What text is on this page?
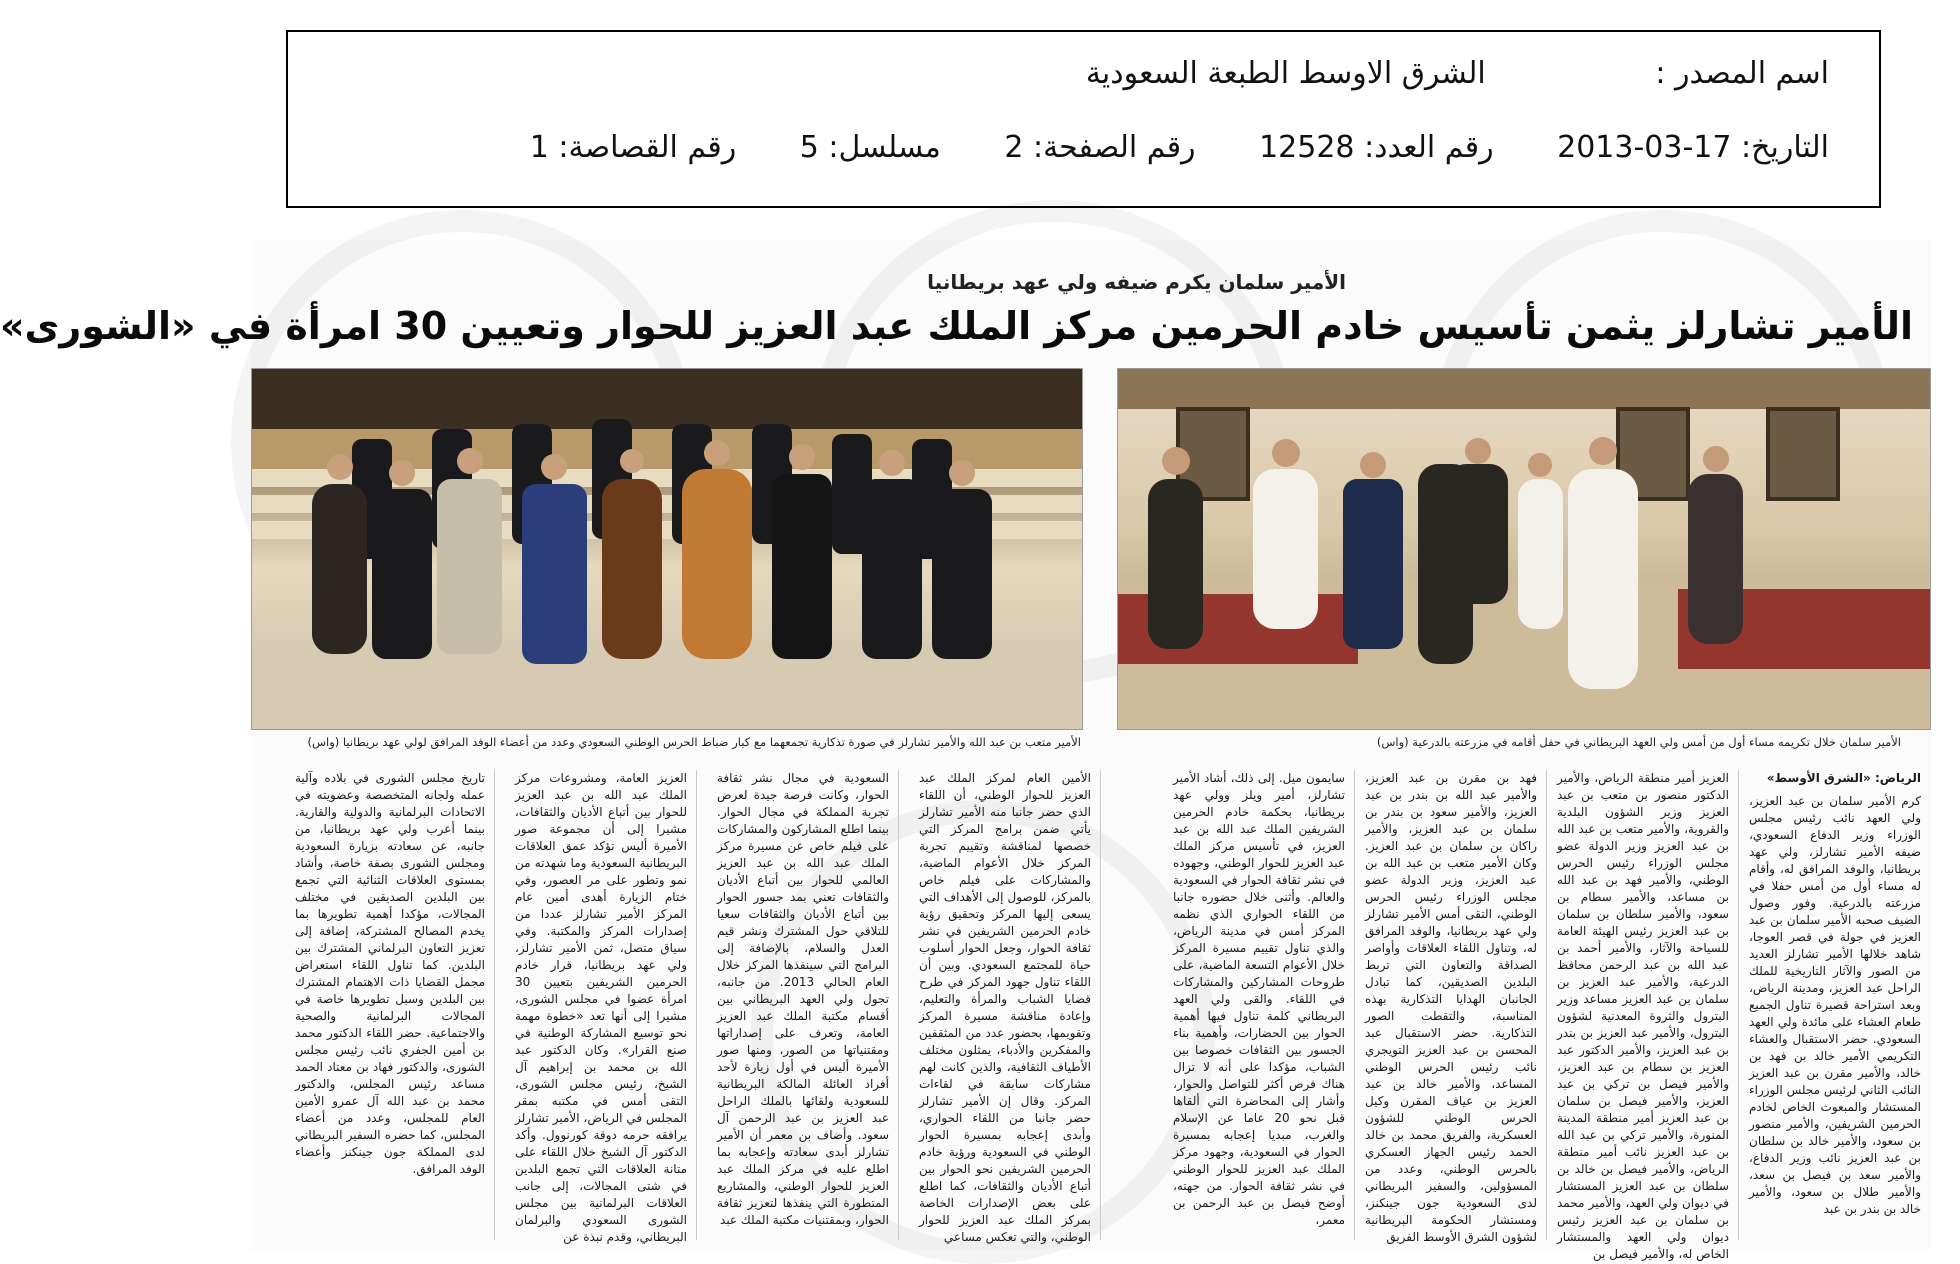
اسم المصدر : الشرق الاوسط الطبعة السعودية
التاريخ: 2013-03-17 رقم العدد: 12528 رقم الصفحة: 2 مسلسل: 5 رقم القصاصة: 1
الأمير سلمان يكرم ضيفه ولي عهد بريطانيا
الأمير تشارلز يثمن تأسيس خادم الحرمين مركز الملك عبد العزيز للحوار وتعيين 30 امرأة في «الشورى»
الأمير سلمان خلال تكريمه مساء أول من أمس ولي العهد البريطاني في حفل أقامه في مزرعته بالدرعية (واس)
الأمير متعب بن عبد الله والأمير تشارلز في صورة تذكارية تجمعهما مع كبار ضباط الحرس الوطني السعودي وعدد من أعضاء الوفد المرافق لولي عهد بريطانيا (واس)
الرياض: «الشرق الأوسط»

كرم الأمير سلمان بن عبد العزيز، ولي العهد نائب رئيس مجلس الوزراء وزير الدفاع السعودي، ضيفه الأمير تشارلز، ولي عهد بريطانيا، والوفد المرافق له، وأقام له مساء أول من أمس حفلا في مزرعته بالدرعية. وفور وصول الضيف صحبه الأمير سلمان بن عبد العزيز في جولة في قصر العوجا، شاهد خلالها الأمير تشارلز العديد من الصور والآثار التاريخية للملك الراحل عبد العزيز، ومدينة الرياض، وبعد استراحة قصيرة تناول الجميع طعام العشاء على مائدة ولي العهد السعودي. حضر الاستقبال والعشاء التكريمي الأمير خالد بن فهد بن خالد، والأمير مقرن بن عبد العزيز النائب الثاني لرئيس مجلس الوزراء المستشار والمبعوث الخاص لخادم الحرمين الشريفين، والأمير منصور بن سعود، والأمير خالد بن سلطان بن عبد العزيز نائب وزير الدفاع، والأمير سعد بن فيصل بن سعد، والأمير طلال بن سعود، والأمير خالد بن بندر بن عبد

العزيز أمير منطقة الرياض، والأمير الدكتور منصور بن متعب بن عبد العزيز وزير الشؤون البلدية والقروية، والأمير متعب بن عبد الله بن عبد العزيز وزير الدولة عضو مجلس الوزراء رئيس الحرس الوطني، والأمير فهد بن عبد الله بن مساعد، والأمير سطام بن سعود، والأمير سلطان بن سلمان بن عبد العزيز رئيس الهيئة العامة للسياحة والآثار، والأمير أحمد بن عبد الله بن عبد الرحمن محافظ الدرعية، والأمير عبد العزيز بن سلمان بن عبد العزيز مساعد وزير البترول والثروة المعدنية لشؤون البترول، والأمير عبد العزيز بن بندر بن عبد العزيز، والأمير الدكتور عبد العزيز بن سطام بن عبد العزيز، والأمير فيصل بن تركي بن عبد العزيز، والأمير فيصل بن سلمان بن عبد العزيز أمير منطقة المدينة المنورة، والأمير تركي بن عبد الله بن عبد العزيز نائب أمير منطقة الرياض، والأمير فيصل بن خالد بن سلطان بن عبد العزيز المستشار في ديوان ولي العهد، والأمير محمد بن سلمان بن عبد العزيز رئيس ديوان ولي العهد والمستشار الخاص له، والأمير فيصل بن

فهد بن مقرن بن عبد العزيز، والأمير عبد الله بن بندر بن عبد العزيز، والأمير سعود بن بندر بن سلمان بن عبد العزيز، والأمير راكان بن سلمان بن عبد العزيز. وكان الأمير متعب بن عبد الله بن عبد العزيز، وزير الدولة عضو مجلس الوزراء رئيس الحرس الوطني، التقى أمس الأمير تشارلز ولي عهد بريطانيا، والوفد المرافق له، وتناول اللقاء العلاقات وأواصر الصداقة والتعاون التي تربط البلدين الصديقين، كما تبادل الجانبان الهدايا التذكارية بهذه المناسبة، والتقطت الصور التذكارية. حضر الاستقبال عبد المحسن بن عبد العزيز التويجري نائب رئيس الحرس الوطني المساعد، والأمير خالد بن عبد العزيز بن عياف المقرن وكيل الحرس الوطني للشؤون العسكرية، والفريق محمد بن خالد الحمد رئيس الجهاز العسكري بالحرس الوطني، وعدد من المسؤولين، والسفير البريطاني لدى السعودية جون جينكنز، ومستشار الحكومة البريطانية لشؤون الشرق الأوسط الفريق

سايمون ميل. إلى ذلك، أشاد الأمير تشارلز، أمير ويلز وولي عهد بريطانيا، بحكمة خادم الحرمين الشريفين الملك عبد الله بن عبد العزيز، في تأسيس مركز الملك عبد العزيز للحوار الوطني، وجهوده في نشر ثقافة الحوار في السعودية والعالم. وأثنى خلال حضوره جانبا من اللقاء الحواري الذي نظمه المركز أمس في مدينة الرياض، والذي تناول تقييم مسيرة المركز خلال الأعوام التسعة الماضية، على طروحات المشاركين والمشاركات في اللقاء. والقى ولي العهد البريطاني كلمة تناول فيها أهمية الحوار بين الحضارات، وأهمية بناء الجسور بين الثقافات خصوصا بين الشباب، مؤكدا على أنه لا تزال هناك فرص أكثر للتواصل والحوار، وأشار إلى المحاضرة التي ألقاها قبل نحو 20 عاما عن الإسلام والغرب، مبديا إعجابه بمسيرة الحوار في السعودية، وجهود مركز الملك عبد العزيز للحوار الوطني في نشر ثقافة الحوار. من جهته، أوضح فيصل بن عبد الرحمن بن معمر،

الأمين العام لمركز الملك عبد العزيز للحوار الوطني، أن اللقاء الذي حضر جانبا منه الأمير تشارلز يأتي ضمن برامج المركز التي خصصها لمناقشة وتقييم تجربة المركز خلال الأعوام الماضية، والمشاركات على فيلم خاص بالمركز، للوصول إلى الأهداف التي يسعى إليها المركز وتحقيق رؤية خادم الحرمين الشريفين في نشر ثقافة الحوار، وجعل الحوار أسلوب حياة للمجتمع السعودي. وبين أن اللقاء تناول جهود المركز في طرح قضايا الشباب والمرأة والتعليم، وإعادة مناقشة مسيرة المركز وتقويمها، بحضور عدد من المثقفين والمفكرين والأدباء، يمثلون مختلف الأطياف الثقافية، والذين كانت لهم مشاركات سابقة في لقاءات المركز. وقال إن الأمير تشارلز حضر جانبا من اللقاء الحواري، وأبدى إعجابه بمسيرة الحوار الوطني في السعودية ورؤية خادم الحرمين الشريفين نحو الحوار بين أتباع الأديان والثقافات، كما اطلع على بعض الإصدارات الخاصة بمركز الملك عبد العزيز للحوار الوطني، والتي تعكس مساعي

السعودية في مجال نشر ثقافة الحوار، وكانت فرصة جيدة لعرض تجربة المملكة في مجال الحوار. بينما اطلع المشاركون والمشاركات على فيلم خاص عن مسيرة مركز الملك عبد الله بن عبد العزيز العالمي للحوار بين أتباع الأديان والثقافات تعني بمد جسور الحوار بين أتباع الأديان والثقافات سعيا للتلاقي حول المشترك ونشر قيم العدل والسلام، بالإضافة إلى البرامج التي سينفذها المركز خلال العام الحالي 2013. من جانبه، تجول ولي العهد البريطاني بين أقسام مكتبة الملك عبد العزيز العامة، وتعرف على إصداراتها ومقتنياتها من الصور، ومنها صور الأميرة أليس في أول زيارة لأحد أفراد العائلة المالكة البريطانية للسعودية ولقائها بالملك الراحل عبد العزيز بن عبد الرحمن آل سعود. وأضاف بن معمر أن الأمير تشارلز أبدى سعادته وإعجابه بما اطلع عليه في مركز الملك عبد العزيز للحوار الوطني، والمشاريع المتطورة التي ينفذها لتعزيز ثقافة الحوار، وبمقتنيات مكتبة الملك عبد

العزيز العامة، ومشروعات مركز الملك عبد الله بن عبد العزيز للحوار بين أتباع الأديان والثقافات، مشيرا إلى أن مجموعة صور الأميرة أليس تؤكد عمق العلاقات البريطانية السعودية وما شهدته من نمو وتطور على مر العصور، وفي ختام الزيارة أهدى أمين عام المركز الأمير تشارلز عددا من إصدارات المركز والمكتبة. وفي سياق متصل، ثمن الأمير تشارلز، ولي عهد بريطانيا، قرار خادم الحرمين الشريفين بتعيين 30 امرأة عضوا في مجلس الشورى، مشيرا إلى أنها تعد «خطوة مهمة نحو توسيع المشاركة الوطنية في صنع القرار». وكان الدكتور عبد الله بن محمد بن إبراهيم آل الشيخ، رئيس مجلس الشورى، التقى أمس في مكتبه بمقر المجلس في الرياض، الأمير تشارلز يرافقه حرمه دوقة كورنوول. وأكد الدكتور آل الشيخ خلال اللقاء على متانة العلاقات التي تجمع البلدين في شتى المجالات، إلى جانب العلاقات البرلمانية بين مجلس الشورى السعودي والبرلمان البريطاني، وقدم نبذة عن

تاريخ مجلس الشورى في بلاده وآلية عمله ولجانه المتخصصة وعضويته في الاتحادات البرلمانية والدولية والقارية. بينما أعرب ولي عهد بريطانيا، من جانبه، عن سعادته بزيارة السعودية ومجلس الشورى بصفة خاصة، وأشاد بمستوى العلاقات الثنائية التي تجمع بين البلدين الصديقين في مختلف المجالات، مؤكدا أهمية تطويرها بما يخدم المصالح المشتركة، إضافة إلى تعزيز التعاون البرلماني المشترك بين البلدين. كما تناول اللقاء استعراض مجمل القضايا ذات الاهتمام المشترك بين البلدين وسبل تطويرها خاصة في المجالات البرلمانية والصحية والاجتماعية. حضر اللقاء الدكتور محمد بن أمين الجفري نائب رئيس مجلس الشورى، والدكتور فهاد بن معتاد الحمد مساعد رئيس المجلس، والدكتور محمد بن عبد الله آل عمرو الأمين العام للمجلس، وعدد من أعضاء المجلس، كما حضره السفير البريطاني لدى المملكة جون جينكنز وأعضاء الوفد المرافق.
